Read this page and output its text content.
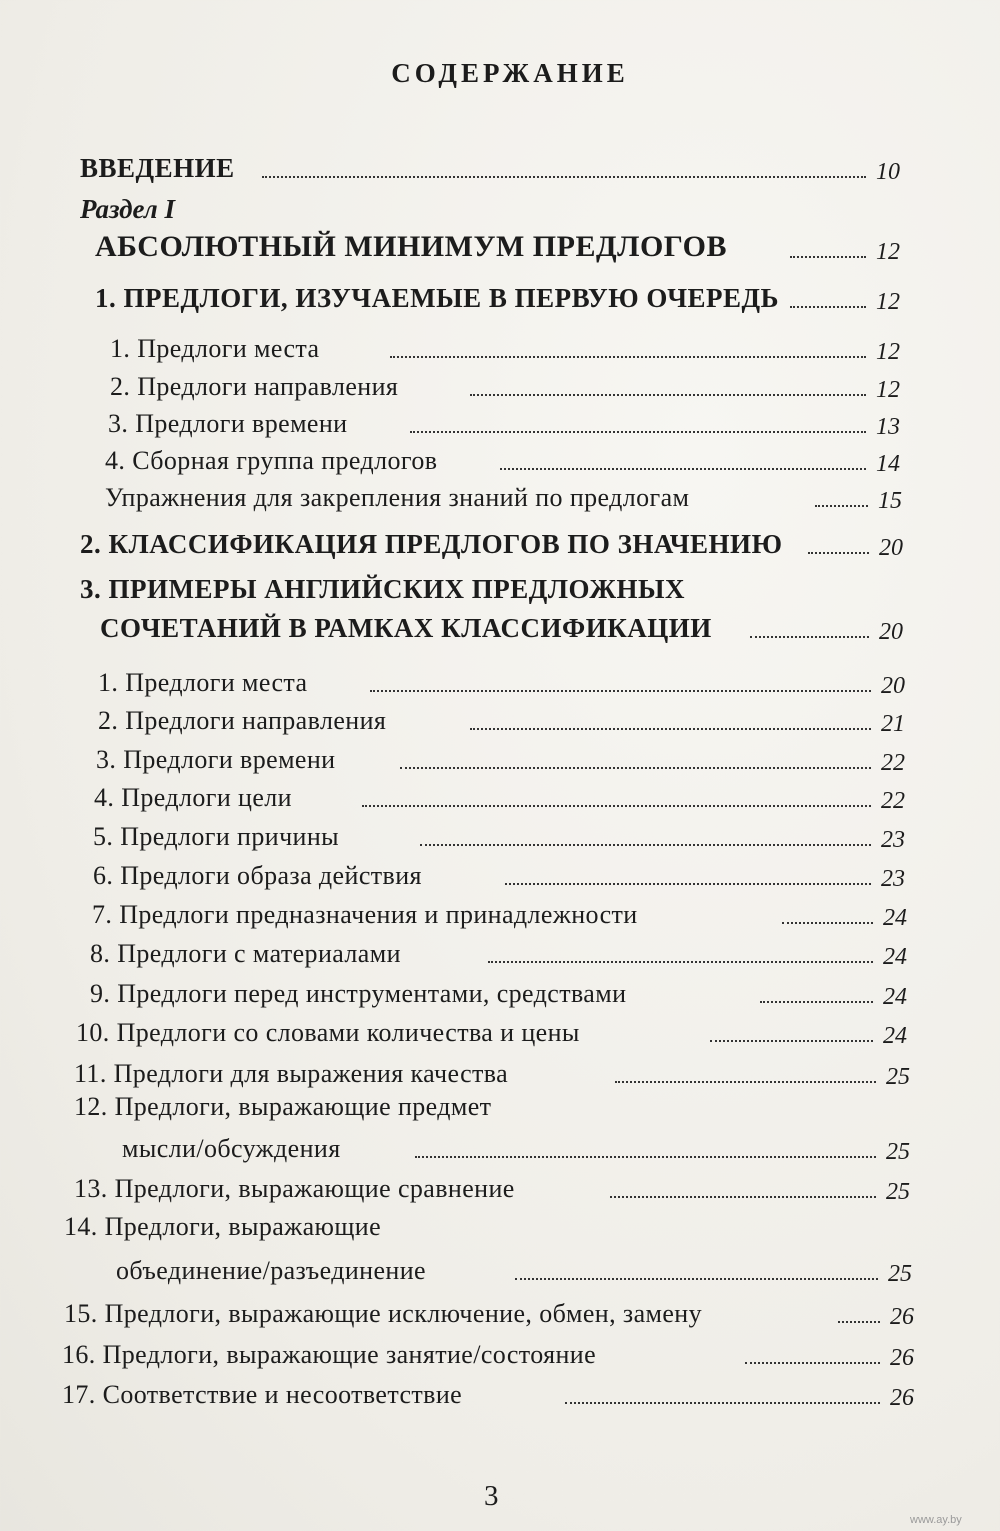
СОДЕРЖАНИЕ
Раздел I
ВВЕДЕНИЕ	10
АБСОЛЮТНЫЙ МИНИМУМ ПРЕДЛОГОВ	12
1. ПРЕДЛОГИ, ИЗУЧАЕМЫЕ В ПЕРВУЮ ОЧЕРЕДЬ	12
1. Предлоги места	12
2. Предлоги направления	12
3. Предлоги времени	13
4. Сборная группа предлогов	14
Упражнения для закрепления знаний по предлогам	15
2. КЛАССИФИКАЦИЯ ПРЕДЛОГОВ ПО ЗНАЧЕНИЮ	20
3. ПРИМЕРЫ АНГЛИЙСКИХ ПРЕДЛОЖНЫХ
СОЧЕТАНИЙ В РАМКАХ КЛАССИФИКАЦИИ	20
1. Предлоги места	20
2. Предлоги направления	21
3. Предлоги времени	22
4. Предлоги цели	22
5. Предлоги причины	23
6. Предлоги образа действия	23
7. Предлоги предназначения и принадлежности	24
8. Предлоги с материалами	24
9. Предлоги перед инструментами, средствами	24
10. Предлоги со словами количества и цены	24
11. Предлоги для выражения качества	25
12. Предлоги, выражающие предмет
мысли/обсуждения	25
13. Предлоги, выражающие сравнение	25
14. Предлоги, выражающие
объединение/разъединение	25
15. Предлоги, выражающие исключение, обмен, замену	26
16. Предлоги, выражающие занятие/состояние	26
17. Соответствие и несоответствие	26
3
www.ay.by
